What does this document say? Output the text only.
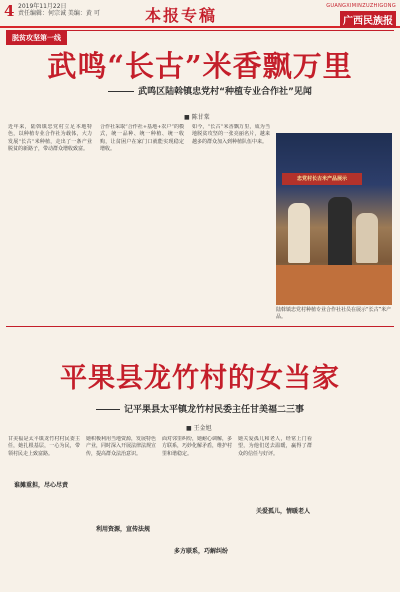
4 2019年11月22日
责任编辑：何宗诚 美编：黄 可	本报专稿	GUANGXIMINZUZHIGONG
广西民族报
脱贫攻坚第一线
武鸣“长古”米香飘万里
武鸣区陆斡镇忠党村“种植专业合作社”见闻
■ 陈甘棠
近年来，陆斡镇忠党村立足本地特色，以种植专业合作社为载体，大力发展“长古”米种植，走出了一条产业脱贫的新路子，带动群众增收致富。
合作社采取“合作社+基地+农户”的模式，统一品种、统一种植、统一收购，让贫困户在家门口就能实现稳定增收。
如今，“长古”米香飘万里，成为当地脱贫攻坚的一张亮丽名片，越来越多的群众加入到种植队伍中来。
忠党村长古米产品展示
陆斡镇忠党村种植专业合作社社员在展示“长古”米产品。
平果县龙竹村的女当家
记平果县太平镇龙竹村民委主任甘美福二三事
■ 王金旭
甘美福是太平镇龙竹村村民委主任，她扎根基层，一心为民，带领村民走上致富路。
谁摊重担，尽心尽责
她积极利用当地资源，发展特色产业，同时深入开展法律法规宣传，提高群众法治意识。
利用资源，宣传法规
面对邻里纠纷，她耐心调解，多方联系，巧妙化解矛盾，维护村里和谐稳定。
多方联系，巧解纠纷
她关爱孤儿和老人，经常上门看望，为他们送去温暖，赢得了群众的信任与好评。
关爱孤儿，情暖老人
